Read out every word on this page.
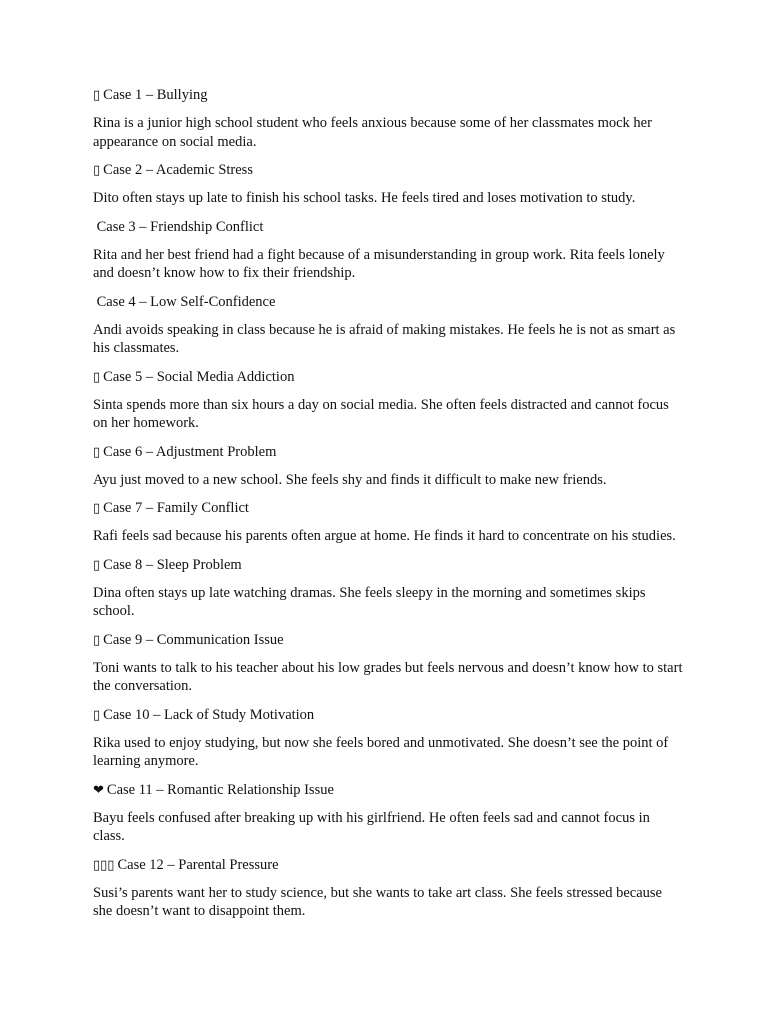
▯ Case 1 – Bullying

Rina is a junior high school student who feels anxious because some of her classmates mock her appearance on social media.

▯ Case 2 – Academic Stress

Dito often stays up late to finish his school tasks. He feels tired and loses motivation to study.

Case 3 – Friendship Conflict

Rita and her best friend had a fight because of a misunderstanding in group work. Rita feels lonely and doesn’t know how to fix their friendship.

Case 4 – Low Self-Confidence

Andi avoids speaking in class because he is afraid of making mistakes. He feels he is not as smart as his classmates.

▯ Case 5 – Social Media Addiction

Sinta spends more than six hours a day on social media. She often feels distracted and cannot focus on her homework.

▯ Case 6 – Adjustment Problem

Ayu just moved to a new school. She feels shy and finds it difficult to make new friends.

▯ Case 7 – Family Conflict

Rafi feels sad because his parents often argue at home. He finds it hard to concentrate on his studies.

▯ Case 8 – Sleep Problem

Dina often stays up late watching dramas. She feels sleepy in the morning and sometimes skips school.

▯ Case 9 – Communication Issue

Toni wants to talk to his teacher about his low grades but feels nervous and doesn’t know how to start the conversation.

▯ Case 10 – Lack of Study Motivation

Rika used to enjoy studying, but now she feels bored and unmotivated. She doesn’t see the point of learning anymore.

❤ Case 11 – Romantic Relationship Issue

Bayu feels confused after breaking up with his girlfriend. He often feels sad and cannot focus in class.

▯▯▯ Case 12 – Parental Pressure

Susi’s parents want her to study science, but she wants to take art class. She feels stressed because she doesn’t want to disappoint them.
